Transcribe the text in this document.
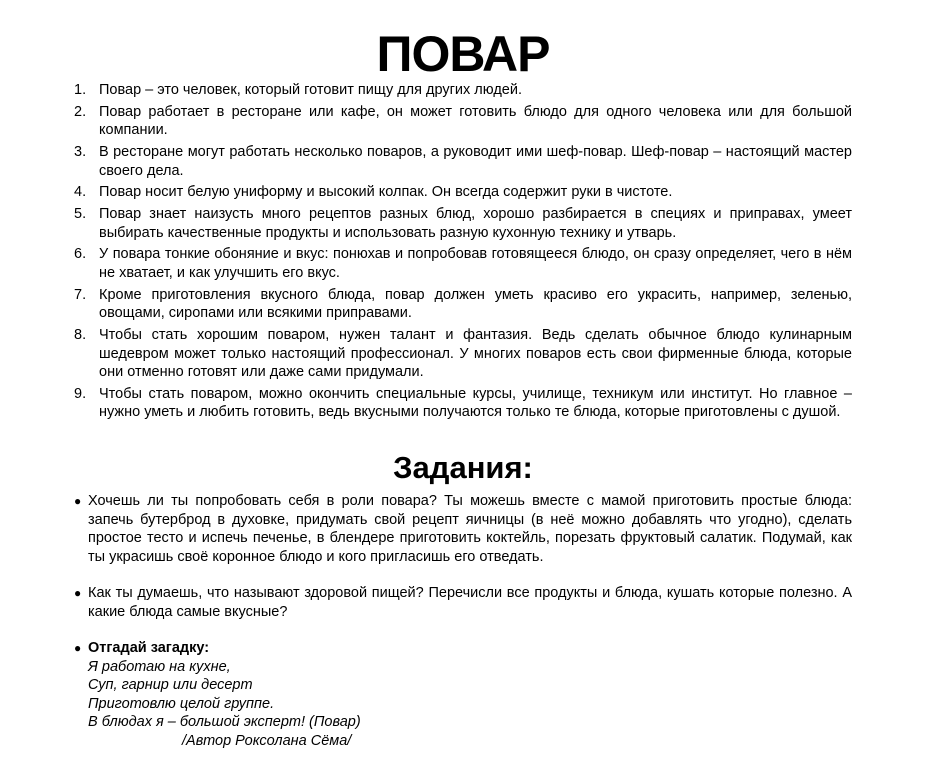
ПОВАР
1. Повар – это человек, который готовит пищу для других людей.
2. Повар работает в ресторане или кафе, он может готовить блюдо для одного человека или для большой компании.
3. В ресторане могут работать несколько поваров, а руководит ими шеф-повар. Шеф-повар – настоящий мастер своего дела.
4. Повар носит белую униформу и высокий колпак. Он всегда содержит руки в чистоте.
5. Повар знает наизусть много рецептов разных блюд, хорошо разбирается в специях и приправах, умеет выбирать качественные продукты и использовать разную кухонную технику и утварь.
6. У повара тонкие обоняние и вкус: понюхав и попробовав готовящееся блюдо, он сразу определяет, чего в нём не хватает, и как улучшить его вкус.
7. Кроме приготовления вкусного блюда, повар должен уметь красиво его украсить, например, зеленью, овощами, сиропами или всякими приправами.
8. Чтобы стать хорошим поваром, нужен талант и фантазия. Ведь сделать обычное блюдо кулинарным шедевром может только настоящий профессионал. У многих поваров есть свои фирменные блюда, которые они отменно готовят или даже сами придумали.
9. Чтобы стать поваром, можно окончить специальные курсы, училище, техникум или институт. Но главное – нужно уметь и любить готовить, ведь вкусными получаются только те блюда, которые приготовлены с душой.
Задания:
● Хочешь ли ты попробовать себя в роли повара? Ты можешь вместе с мамой приготовить простые блюда: запечь бутерброд в духовке, придумать свой рецепт яичницы (в неё можно добавлять что угодно), сделать простое тесто и испечь печенье, в блендере приготовить коктейль, порезать фруктовый салатик. Подумай, как ты украсишь своё коронное блюдо и кого пригласишь его отведать.
● Как ты думаешь, что называют здоровой пищей? Перечисли все продукты и блюда, кушать которые полезно. А какие блюда самые вкусные?
● Отгадай загадку:
Я работаю на кухне,
Суп, гарнир или десерт
Приготовлю целой группе.
В блюдах я – большой эксперт! (Повар)
/Автор Роксолана Сёма/
